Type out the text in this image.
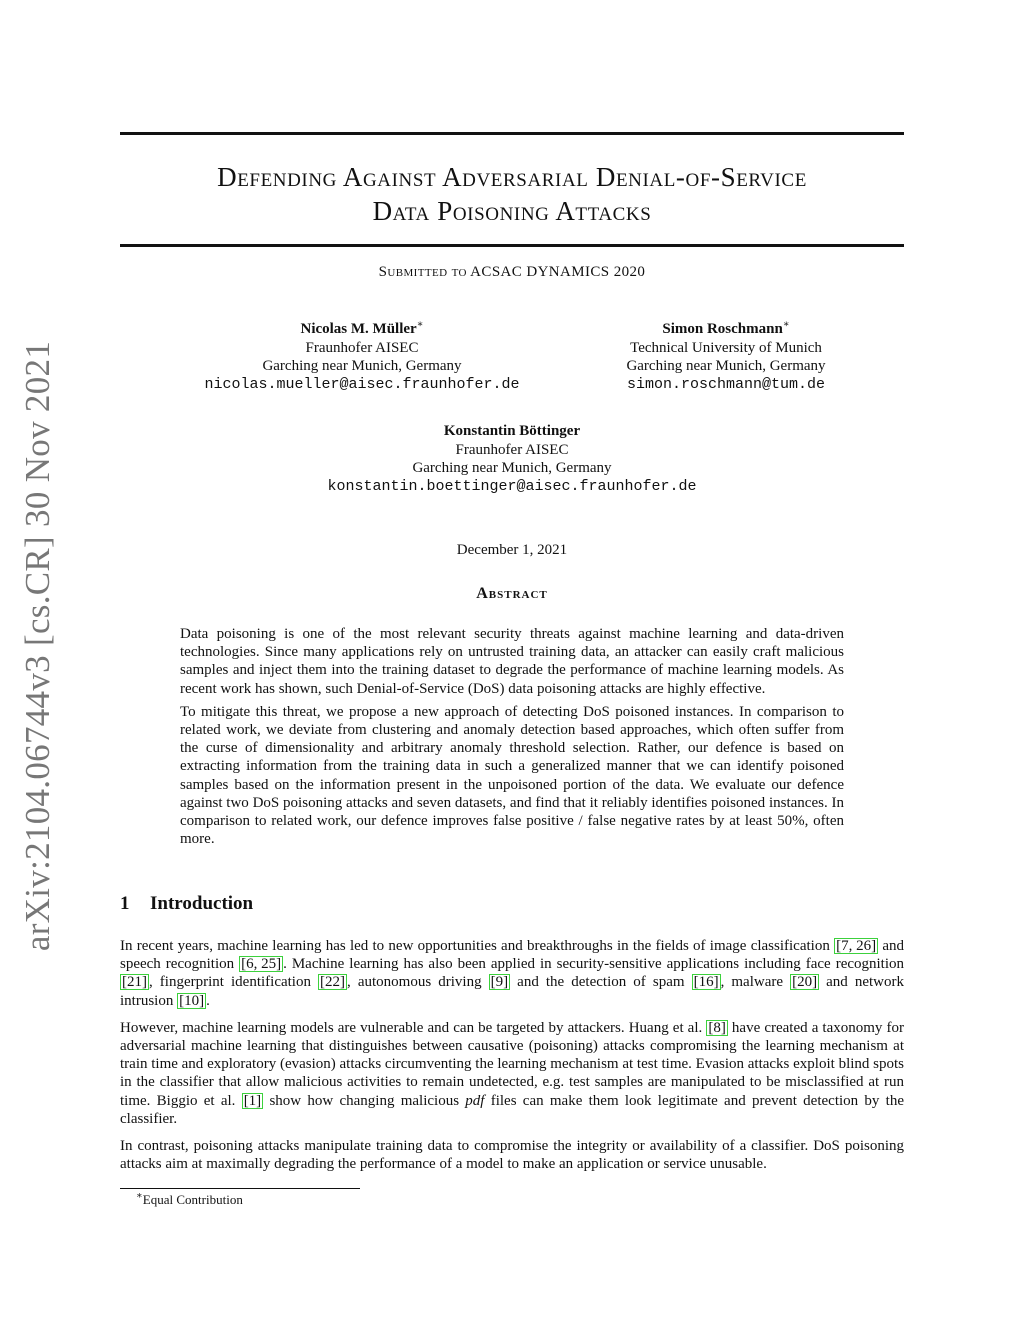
arXiv:2104.06744v3 [cs.CR] 30 Nov 2021
Defending Against Adversarial Denial-of-Service
Data Poisoning Attacks
Submitted to ACSAC DYNAMICS 2020
Nicolas M. Müller∗
Fraunhofer AISEC
Garching near Munich, Germany
nicolas.mueller@aisec.fraunhofer.de
Simon Roschmann∗
Technical University of Munich
Garching near Munich, Germany
simon.roschmann@tum.de
Konstantin Böttinger
Fraunhofer AISEC
Garching near Munich, Germany
konstantin.boettinger@aisec.fraunhofer.de
December 1, 2021
Abstract

Data poisoning is one of the most relevant security threats against machine learning and data-driven technologies. Since many applications rely on untrusted training data, an attacker can easily craft malicious samples and inject them into the training dataset to degrade the performance of machine learning models. As recent work has shown, such Denial-of-Service (DoS) data poisoning attacks are highly effective.

To mitigate this threat, we propose a new approach of detecting DoS poisoned instances. In comparison to related work, we deviate from clustering and anomaly detection based approaches, which often suffer from the curse of dimensionality and arbitrary anomaly threshold selection. Rather, our defence is based on extracting information from the training data in such a generalized manner that we can identify poisoned samples based on the information present in the unpoisoned portion of the data. We evaluate our defence against two DoS poisoning attacks and seven datasets, and find that it reliably identifies poisoned instances. In comparison to related work, our defence improves false positive / false negative rates by at least 50%, often more.

1 Introduction

In recent years, machine learning has led to new opportunities and breakthroughs in the fields of image classification [7, 26] and speech recognition [6, 25] . Machine learning has also been applied in security-sensitive applications including face recognition [21] , fingerprint identification [22] , autonomous driving [9] and the detection of spam [16] , malware [20] and network intrusion [10] .

However, machine learning models are vulnerable and can be targeted by attackers. Huang et al. [8] have created a taxonomy for adversarial machine learning that distinguishes between causative (poisoning) attacks compromising the learning mechanism at train time and exploratory (evasion) attacks circumventing the learning mechanism at test time. Evasion attacks exploit blind spots in the classifier that allow malicious activities to remain undetected, e.g. test samples are manipulated to be misclassified at run time. Biggio et al. [1] show how changing malicious pdf files can make them look legitimate and prevent detection by the classifier.

In contrast, poisoning attacks manipulate training data to compromise the integrity or availability of a classifier. DoS poisoning attacks aim at maximally degrading the performance of a model to make an application or service unusable.

∗Equal Contribution
